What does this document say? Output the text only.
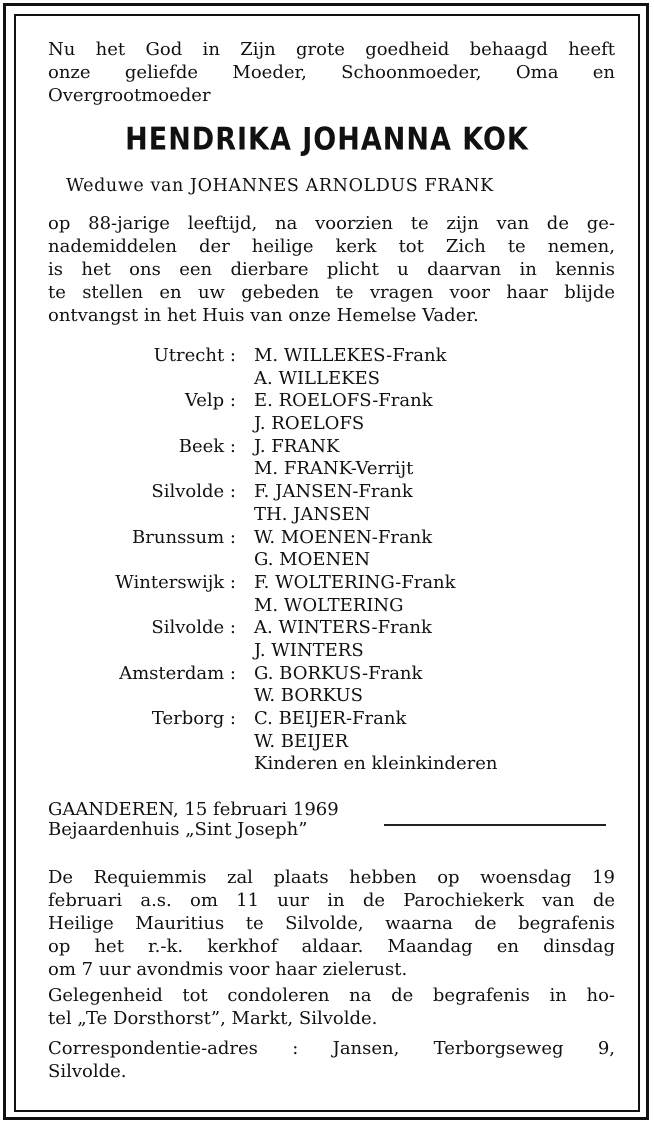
Nu het God in Zijn grote goedheid behaagd heeft
onze geliefde Moeder, Schoonmoeder, Oma en
Overgrootmoeder
HENDRIKA JOHANNA KOK
Weduwe van JOHANNES ARNOLDUS FRANK
op 88-jarige leeftijd, na voorzien te zijn van de ge-
nademiddelen der heilige kerk tot Zich te nemen,
is het ons een dierbare plicht u daarvan in kennis
te stellen en uw gebeden te vragen voor haar blijde
ontvangst in het Huis van onze Hemelse Vader.
Utrecht : M. WILLEKES-Frank
A. WILLEKES
Velp : E. ROELOFS-Frank
J. ROELOFS
Beek : J. FRANK
M. FRANK-Verrijt
Silvolde : F. JANSEN-Frank
TH. JANSEN
Brunssum : W. MOENEN-Frank
G. MOENEN
Winterswijk : F. WOLTERING-Frank
M. WOLTERING
Silvolde : A. WINTERS-Frank
J. WINTERS
Amsterdam : G. BORKUS-Frank
W. BORKUS
Terborg : C. BEIJER-Frank
W. BEIJER
Kinderen en kleinkinderen
GAANDEREN, 15 februari 1969
Bejaardenhuis „Sint Joseph”
De Requiemmis zal plaats hebben op woensdag 19
februari a.s. om 11 uur in de Parochiekerk van de
Heilige Mauritius te Silvolde, waarna de begrafenis
op het r.-k. kerkhof aldaar. Maandag en dinsdag
om 7 uur avondmis voor haar zielerust.
Gelegenheid tot condoleren na de begrafenis in ho-
tel „Te Dorsthorst”, Markt, Silvolde.
Correspondentie-adres : Jansen, Terborgseweg 9,
Silvolde.
